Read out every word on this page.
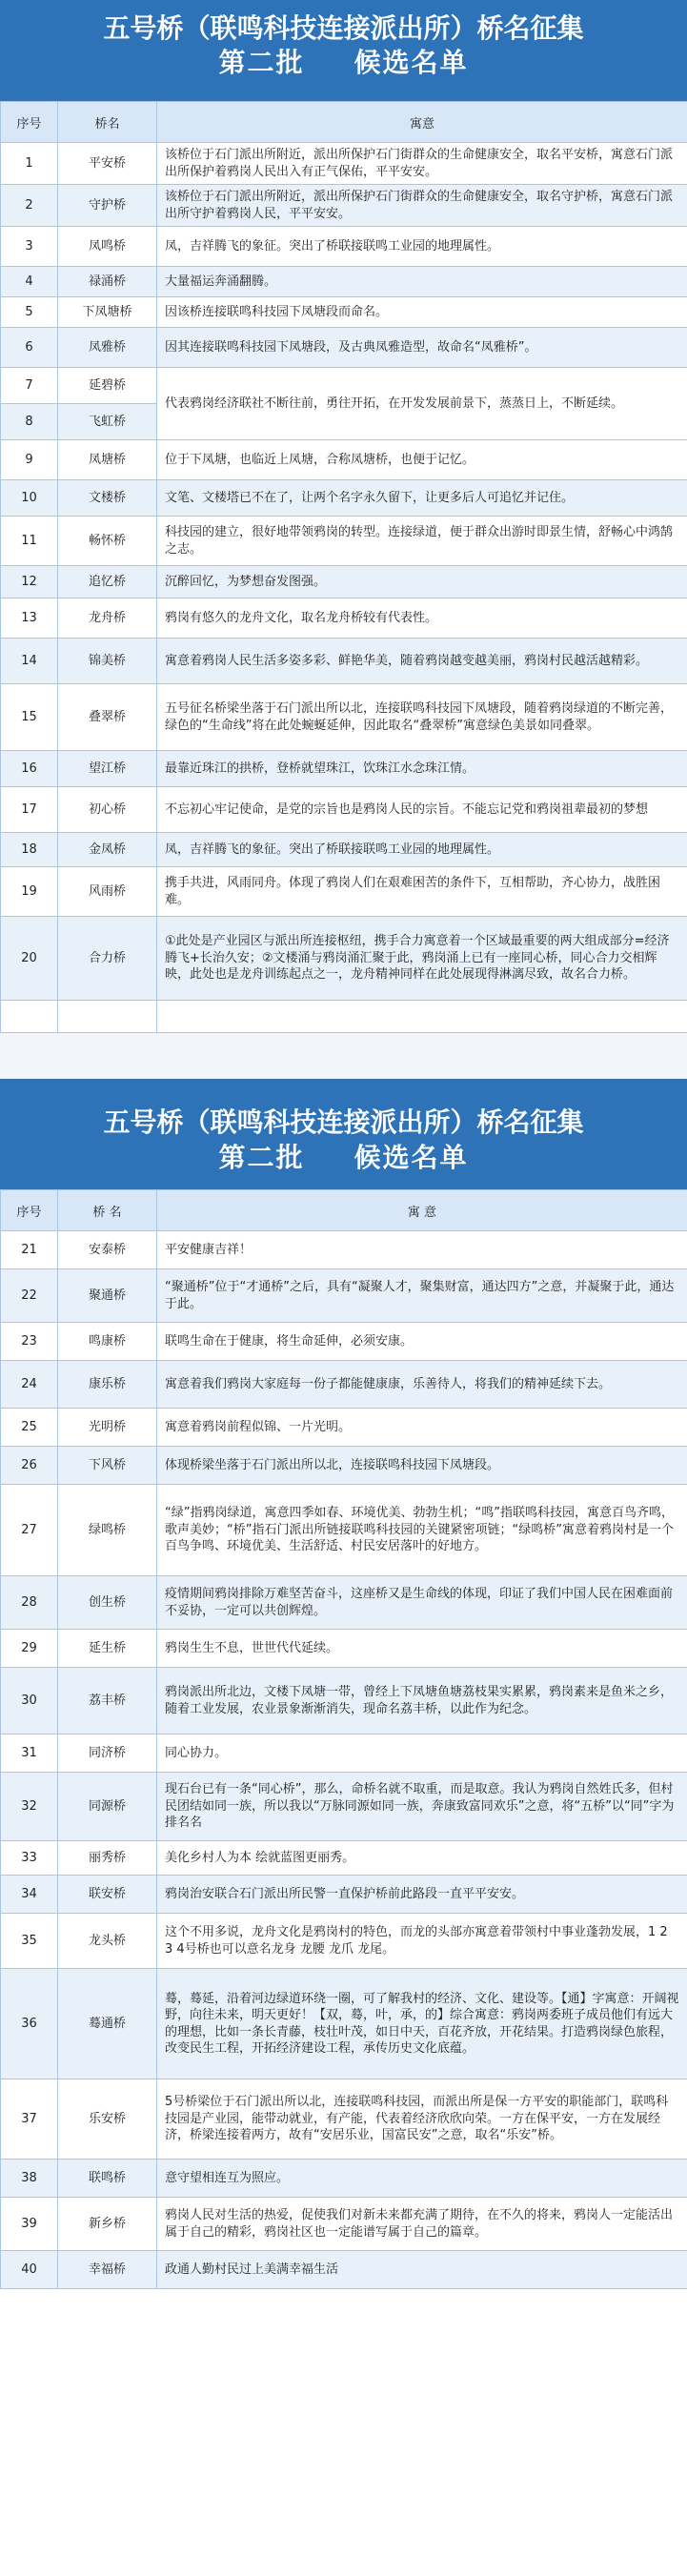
五号桥（联鸣科技连接派出所）桥名征集
第二批 候选名单
序号	桥名	寓意
1	平安桥	该桥位于石门派出所附近，派出所保护石门街群众的生命健康安全，取名平安桥，寓意石门派出所保护着鸦岗人民出入有正气保佑，平平安安。
2	守护桥	该桥位于石门派出所附近，派出所保护石门街群众的生命健康安全，取名守护桥，寓意石门派出所守护着鸦岗人民，平平安安。
3	凤鸣桥	凤，吉祥腾飞的象征。突出了桥联接联鸣工业园的地理属性。
4	禄涌桥	大量福运奔涌翻腾。
5	下凤塘桥	因该桥连接联鸣科技园下凤塘段而命名。
6	凤雅桥	因其连接联鸣科技园下凤塘段，及古典凤雅造型，故命名“凤雅桥”。
7	延碧桥	代表鸦岗经济联社不断往前，勇往开拓，在开发发展前景下，蒸蒸日上，不断延续。
8	飞虹桥	
9	凤塘桥	位于下凤塘，也临近上凤塘，合称凤塘桥，也便于记忆。
10	文楼桥	文笔、文楼塔已不在了，让两个名字永久留下，让更多后人可追忆并记住。
11	畅怀桥	科技园的建立，很好地带领鸦岗的转型。连接绿道，便于群众出游时即景生情，舒畅心中鸿鹄之志。
12	追忆桥	沉醉回忆，为梦想奋发图强。
13	龙舟桥	鸦岗有悠久的龙舟文化，取名龙舟桥较有代表性。
14	锦美桥	寓意着鸦岗人民生活多姿多彩、鲜艳华美，随着鸦岗越变越美丽，鸦岗村民越活越精彩。
15	叠翠桥	五号征名桥梁坐落于石门派出所以北，连接联鸣科技园下凤塘段，随着鸦岗绿道的不断完善，绿色的“生命线”将在此处蜿蜒延伸，因此取名“叠翠桥”寓意绿色美景如同叠翠。
16	望江桥	最靠近珠江的拱桥，登桥就望珠江，饮珠江水念珠江情。
17	初心桥	不忘初心牢记使命，是党的宗旨也是鸦岗人民的宗旨。不能忘记党和鸦岗祖辈最初的梦想
18	金凤桥	凤，吉祥腾飞的象征。突出了桥联接联鸣工业园的地理属性。
19	风雨桥	携手共进，风雨同舟。体现了鸦岗人们在艰难困苦的条件下，互相帮助，齐心协力，战胜困难。
20	合力桥	①此处是产业园区与派出所连接枢纽，携手合力寓意着一个区域最重要的两大组成部分=经济腾飞+长治久安；②文楼涌与鸦岗涌汇聚于此，鸦岗涌上已有一座同心桥，同心合力交相辉映，此处也是龙舟训练起点之一，龙舟精神同样在此处展现得淋漓尽致，故名合力桥。

五号桥（联鸣科技连接派出所）桥名征集
第二批 候选名单
序号	桥 名	寓 意
21	安泰桥	平安健康吉祥！
22	聚通桥	“聚通桥”位于“才通桥”之后，具有“凝聚人才，聚集财富，通达四方”之意，并凝聚于此，通达于此。
23	鸣康桥	联鸣生命在于健康，将生命延伸，必须安康。
24	康乐桥	寓意着我们鸦岗大家庭每一份子都能健康康，乐善待人，将我们的精神延续下去。
25	光明桥	寓意着鸦岗前程似锦、一片光明。
26	下风桥	体现桥梁坐落于石门派出所以北，连接联鸣科技园下凤塘段。
27	绿鸣桥	“绿”指鸦岗绿道，寓意四季如春、环境优美、勃勃生机；“鸣”指联鸣科技园，寓意百鸟齐鸣，歌声美妙；“桥”指石门派出所链接联鸣科技园的关键紧密项链；“绿鸣桥”寓意着鸦岗村是一个百鸟争鸣、环境优美、生活舒适、村民安居落叶的好地方。
28	创生桥	疫情期间鸦岗排除万难坚苦奋斗，这座桥又是生命线的体现，印证了我们中国人民在困难面前不妥协，一定可以共创辉煌。
29	延生桥	鸦岗生生不息，世世代代延续。
30	荔丰桥	鸦岗派出所北边，文楼下凤塘一带，曾经上下凤塘鱼塘荔枝果实累累，鸦岗素来是鱼米之乡，随着工业发展，农业景象渐渐消失，现命名荔丰桥，以此作为纪念。
31	同济桥	同心协力。
32	同源桥	现石台已有一条“同心桥”，那么，命桥名就不取重，而是取意。我认为鸦岗自然姓氏多，但村民团结如同一族，所以我以“万脉同源如同一族，奔康致富同欢乐”之意，将“五桥”以“同”字为排名名
33	丽秀桥	美化乡村人为本 绘就蓝图更丽秀。
34	联安桥	鸦岗治安联合石门派出所民警一直保护桥前此路段一直平平安安。
35	龙头桥	这个不用多说，龙舟文化是鸦岗村的特色，而龙的头部亦寓意着带领村中事业蓬勃发展，1 2 3 4号桥也可以意名龙身 龙腰 龙爪 龙尾。
36	蓦通桥	蓦，蓦延，沿着河边绿道环绕一圈，可了解我村的经济、文化、建设等。【通】字寓意：开阔视野，向往未来，明天更好！【双，蓦，叶，承，的】综合寓意：鸦岗两委班子成员他们有远大的理想，比如一条长青藤，枝壮叶茂，如日中天，百花齐放，开花结果。打造鸦岗绿色旅程，改变民生工程，开拓经济建设工程，承传历史文化底蕴。
37	乐安桥	5号桥梁位于石门派出所以北，连接联鸣科技园，而派出所是保一方平安的职能部门，联鸣科技园是产业园，能带动就业，有产能，代表着经济欣欣向荣。一方在保平安，一方在发展经济，桥梁连接着两方，故有“安居乐业，国富民安”之意，取名“乐安”桥。
38	联鸣桥	意守望相连互为照应。
39	新乡桥	鸦岗人民对生活的热爱，促使我们对新未来都充满了期待，在不久的将来，鸦岗人一定能活出属于自己的精彩，鸦岗社区也一定能谱写属于自己的篇章。
40	幸福桥	政通人勤村民过上美满幸福生活
